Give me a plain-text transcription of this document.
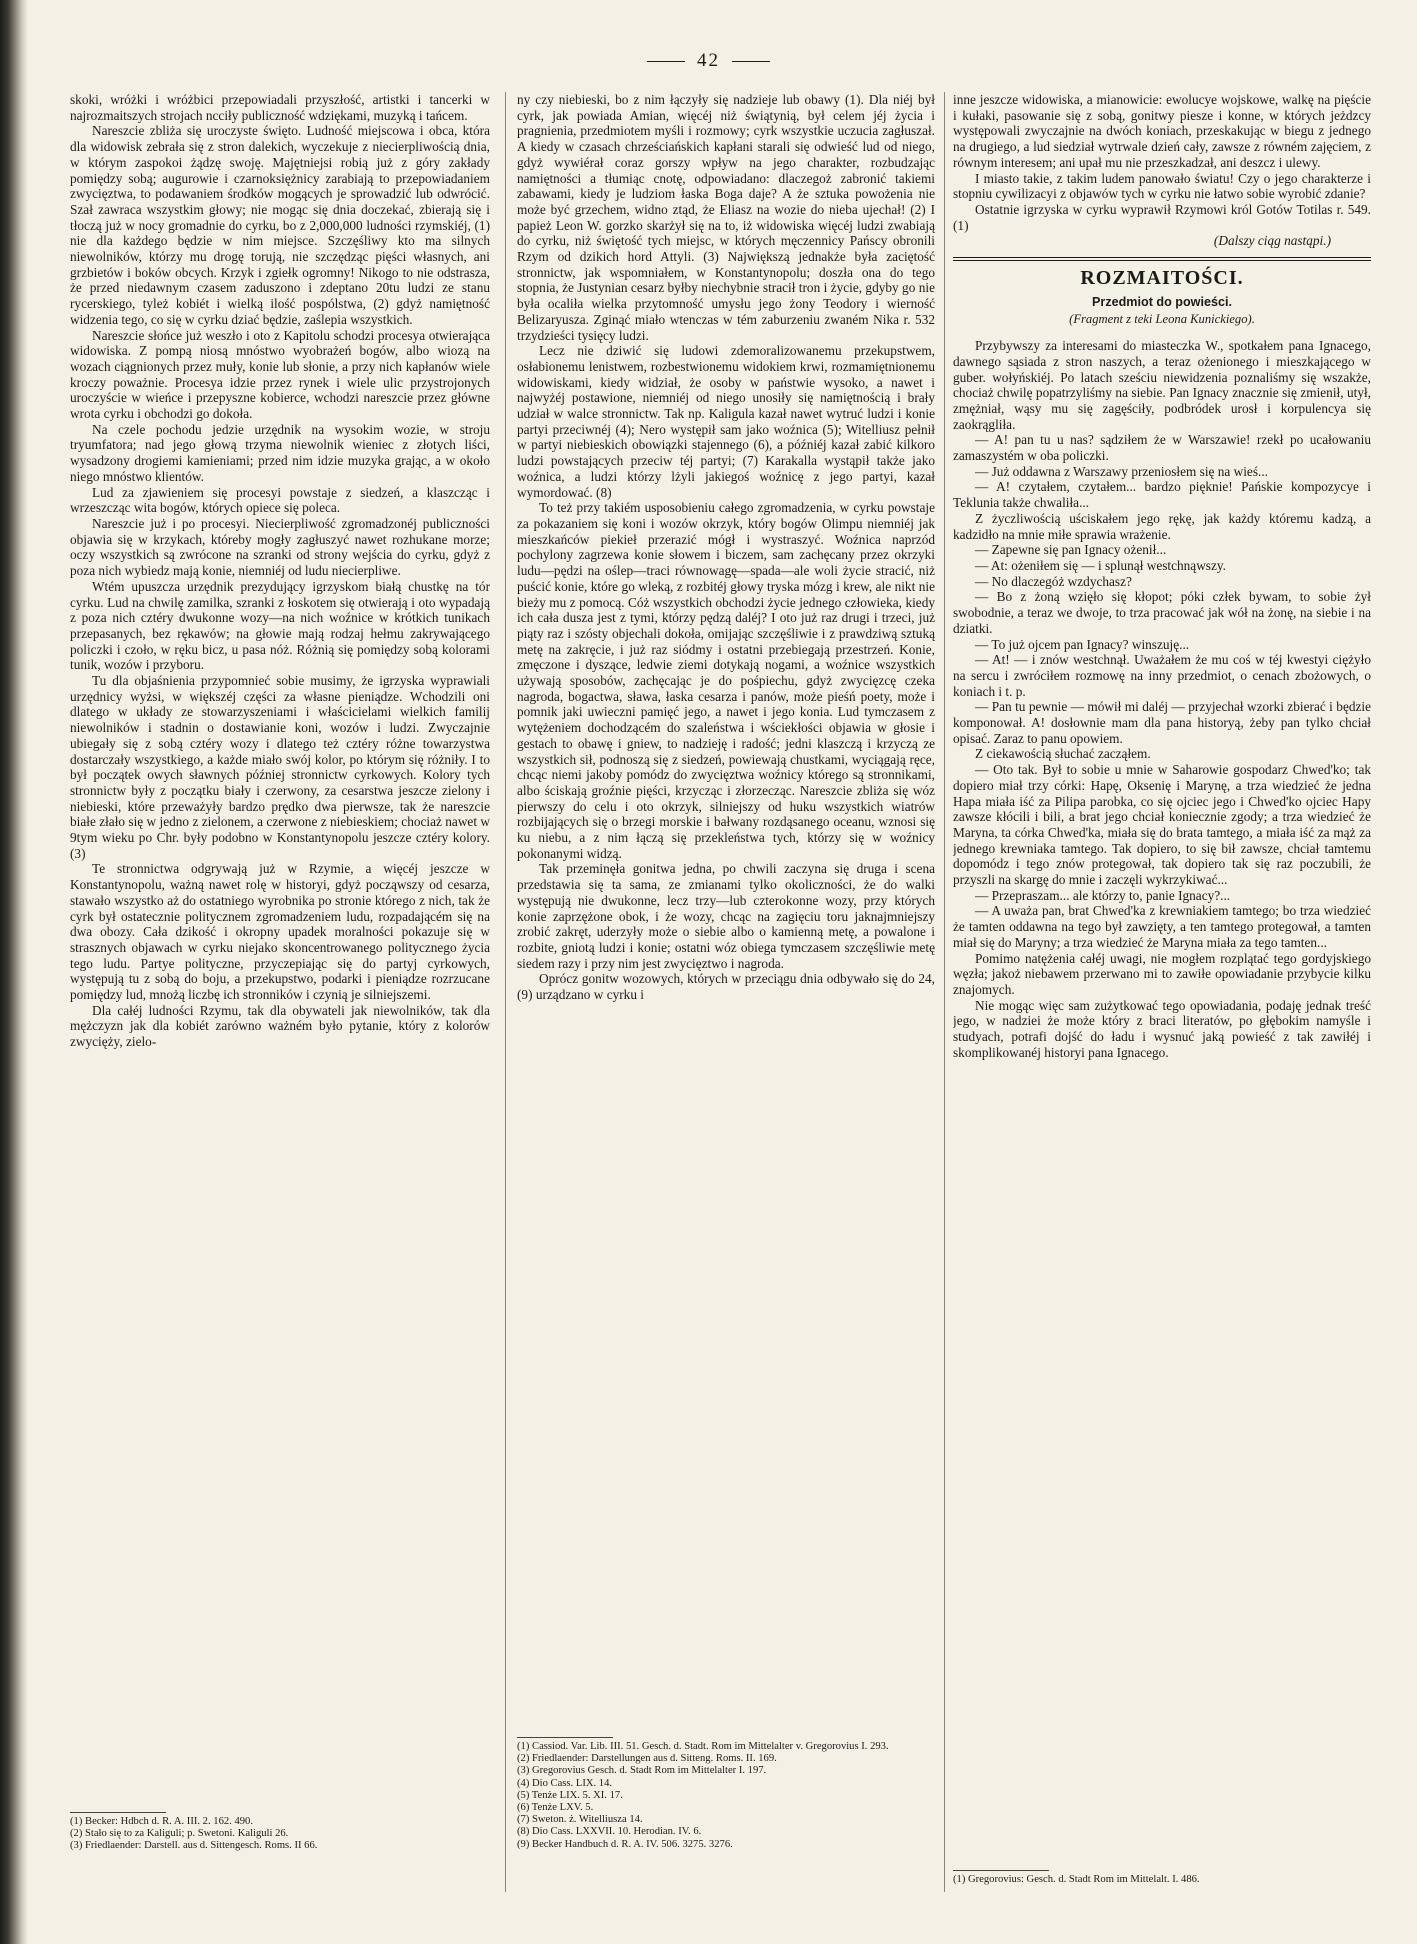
42

skoki, wróżki i wróżbici przepowiadali przyszłość, artistki i tancerki w najrozmaitszych strojach ncciły publiczność wdziękami, muzyką i tańcem.

Nareszcie zbliża się uroczyste święto. Ludność miejscowa i obca, która dla widowisk zebrała się z stron dalekich, wyczekuje z niecierpliwością dnia, w którym zaspokoi żądzę swoję. Majętniejsi robią już z góry zakłady pomiędzy sobą; augurowie i czarnoksiężnicy zarabiają to przepowiadaniem zwycięztwa, to podawaniem środków mogących je sprowadzić lub odwrócić. Szał zawraca wszystkim głowy; nie mogąc się dnia doczekać, zbierają się i tłoczą już w nocy gromadnie do cyrku, bo z 2,000,000 ludności rzymskiéj, (1) nie dla każdego będzie w nim miejsce. Szczęśliwy kto ma silnych niewolników, którzy mu drogę torują, nie szczędząc pięści własnych, ani grzbietów i boków obcych. Krzyk i zgiełk ogromny! Nikogo to nie odstrasza, że przed niedawnym czasem zaduszono i zdeptano 20tu ludzi ze stanu rycerskiego, tyleż kobiét i wielką ilość pospólstwa, (2) gdyż namiętność widzenia tego, co się w cyrku dziać będzie, zaślepia wszystkich.

Nareszcie słońce już weszło i oto z Kapitolu schodzi procesya otwierająca widowiska. Z pompą niosą mnóstwo wyobrażeń bogów, albo wiozą na wozach ciągnionych przez muły, konie lub słonie, a przy nich kapłanów wiele kroczy poważnie. Procesya idzie przez rynek i wiele ulic przystrojonych uroczyście w wieńce i przepyszne kobierce, wchodzi nareszcie przez główne wrota cyrku i obchodzi go dokoła.

Na czele pochodu jedzie urzędnik na wysokim wozie, w stroju tryumfatora; nad jego głową trzyma niewolnik wieniec z złotych liści, wysadzony drogiemi kamieniami; przed nim idzie muzyka grając, a w około niego mnóstwo klientów.

Lud za zjawieniem się procesyi powstaje z siedzeń, a klaszcząc i wrzeszcząc wita bogów, których opiece się poleca.

Nareszcie już i po procesyi. Niecierpliwość zgromadzonéj publiczności objawia się w krzykach, któreby mogły zagłuszyć nawet rozhukane morze; oczy wszystkich są zwrócone na szranki od strony wejścia do cyrku, gdyż z poza nich wybiedz mają konie, niemniéj od ludu niecierpliwe.

Wtém upuszcza urzędnik prezydujący igrzyskom białą chustkę na tór cyrku. Lud na chwilę zamilka, szranki z łoskotem się otwierają i oto wypadają z poza nich cztéry dwukonne wozy—na nich woźnice w krótkich tunikach przepasanych, bez rękawów; na głowie mają rodzaj hełmu zakrywającego policzki i czoło, w ręku bicz, u pasa nóż. Różnią się pomiędzy sobą kolorami tunik, wozów i przyboru.

Tu dla objaśnienia przypomnieć sobie musimy, że igrzyska wyprawiali urzędnicy wyżsi, w większéj części za własne pieniądze. Wchodzili oni dlatego w układy ze stowarzyszeniami i właścicielami wielkich familij niewolników i stadnin o dostawianie koni, wozów i ludzi. Zwyczajnie ubiegały się z sobą cztéry wozy i dlatego też cztéry różne towarzystwa dostarczały wszystkiego, a każde miało swój kolor, po którym się różniły. I to był początek owych sławnych później stronnictw cyrkowych. Kolory tych stronnictw były z początku biały i czerwony, za cesarstwa jeszcze zielony i niebieski, które przeważyły bardzo prędko dwa pierwsze, tak że nareszcie białe złało się w jedno z zielonem, a czerwone z niebieskiem; chociaż nawet w 9tym wieku po Chr. były podobno w Konstantynopolu jeszcze cztéry kolory. (3)

Te stronnictwa odgrywają już w Rzymie, a więcéj jeszcze w Konstantynopolu, ważną nawet rolę w historyi, gdyż począwszy od cesarza, stawało wszystko aż do ostatniego wyrobnika po stronie którego z nich, tak że cyrk był ostatecznie politycznem zgromadzeniem ludu, rozpadającém się na dwa obozy. Cała dzikość i okropny upadek moralności pokazuje się w strasznych objawach w cyrku niejako skoncentrowanego politycznego życia tego ludu. Partye polityczne, przyczepiając się do partyj cyrkowych, występują tu z sobą do boju, a przekupstwo, podarki i pieniądze rozrzucane pomiędzy lud, mnożą liczbę ich stronników i czynią je silniejszemi.

Dla całéj ludności Rzymu, tak dla obywateli jak niewolników, tak dla mężczyzn jak dla kobiét zarówno ważném było pytanie, który z kolorów zwycięży, zielo-

(1) Becker: Hdbch d. R. A. III. 2. 162. 490.
(2) Stało się to za Kaliguli; p. Swetoni. Kaliguli 26.
(3) Friedlaender: Darstell. aus d. Sittengesch. Roms. II 66.

ny czy niebieski, bo z nim łączyły się nadzieje lub obawy (1). Dla niéj był cyrk, jak powiada Amian, więcéj niż świątynią, był celem jéj życia i pragnienia, przedmiotem myśli i rozmowy; cyrk wszystkie uczucia zagłuszał. A kiedy w czasach chrześciańskich kapłani starali się odwieść lud od niego, gdyż wywiérał coraz gorszy wpływ na jego charakter, rozbudzając namiętności a tłumiąc cnotę, odpowiadano: dlaczegoż zabronić takiemi zabawami, kiedy je ludziom łaska Boga daje? A że sztuka powożenia nie może być grzechem, widno ztąd, że Eliasz na wozie do nieba ujechał! (2) I papież Leon W. gorzko skarżył się na to, iż widowiska więcéj ludzi zwabiają do cyrku, niż świętość tych miejsc, w których męczennicy Pańscy obronili Rzym od dzikich hord Attyli. (3) Największą jednakże była zaciętość stronnictw, jak wspomniałem, w Konstantynopolu; doszła ona do tego stopnia, że Justynian cesarz byłby niechybnie stracił tron i życie, gdyby go nie była ocaliła wielka przytomność umysłu jego żony Teodory i wierność Belizaryusza. Zginąć miało wtenczas w tém zaburzeniu zwaném Nika r. 532 trzydzieści tysięcy ludzi.

Lecz nie dziwić się ludowi zdemoralizowanemu przekupstwem, osłabionemu lenistwem, rozbestwionemu widokiem krwi, rozmamiętnionemu widowiskami, kiedy widział, że osoby w państwie wysoko, a nawet i najwyżéj postawione, niemniéj od niego unosiły się namiętnością i brały udział w walce stronnictw. Tak np. Kaligula kazał nawet wytruć ludzi i konie partyi przeciwnéj (4); Nero występił sam jako woźnica (5); Witelliusz pełnił w partyi niebieskich obowiązki stajennego (6), a późniéj kazał zabić kilkoro ludzi powstających przeciw téj partyi; (7) Karakalla wystąpił także jako woźnica, a ludzi którzy lżyli jakiegoś woźnicę z jego partyi, kazał wymordować. (8)

To też przy takiém usposobieniu całego zgromadzenia, w cyrku powstaje za pokazaniem się koni i wozów okrzyk, który bogów Olimpu niemniéj jak mieszkańców piekieł przerazić mógł i wystraszyć. Woźnica naprzód pochylony zagrzewa konie słowem i biczem, sam zachęcany przez okrzyki ludu—pędzi na oślep—traci równowagę—spada—ale woli życie stracić, niż puścić konie, które go wleką, z rozbitéj głowy tryska mózg i krew, ale nikt nie bieży mu z pomocą. Cóż wszystkich obchodzi życie jednego człowieka, kiedy ich cała dusza jest z tymi, którzy pędzą daléj? I oto już raz drugi i trzeci, już piąty raz i szósty objechali dokoła, omijając szczęśliwie i z prawdziwą sztuką metę na zakręcie, i już raz siódmy i ostatni przebiegają przestrzeń. Konie, zmęczone i dyszące, ledwie ziemi dotykają nogami, a woźnice wszystkich używają sposobów, zachęcając je do pośpiechu, gdyż zwycięzcę czeka nagroda, bogactwa, sława, łaska cesarza i panów, może pieśń poety, może i pomnik jaki uwieczni pamięć jego, a nawet i jego konia. Lud tymczasem z wytężeniem dochodzącém do szaleństwa i wściekłości objawia w głosie i gestach to obawę i gniew, to nadzieję i radość; jedni klaszczą i krzyczą ze wszystkich sił, podnoszą się z siedzeń, powiewają chustkami, wyciągają ręce, chcąc niemi jakoby pomódz do zwycięztwa woźnicy którego są stronnikami, albo ściskają groźnie pięści, krzycząc i złorzecząc. Nareszcie zbliża się wóz pierwszy do celu i oto okrzyk, silniejszy od huku wszystkich wiatrów rozbijających się o brzegi morskie i bałwany rozdąsanego oceanu, wznosi się ku niebu, a z nim łączą się przekleństwa tych, którzy się w woźnicy pokonanymi widzą.

Tak przeminęła gonitwa jedna, po chwili zaczyna się druga i scena przedstawia się ta sama, ze zmianami tylko okoliczności, że do walki występują nie dwukonne, lecz trzy—lub czterokonne wozy, przy których konie zaprzężone obok, i że wozy, chcąc na zagięciu toru jaknajmniejszy zrobić zakręt, uderzyły może o siebie albo o kamienną metę, a powalone i rozbite, gniotą ludzi i konie; ostatni wóz obiega tymczasem szczęśliwie metę siedem razy i przy nim jest zwycięztwo i nagroda.

Oprócz gonitw wozowych, których w przeciągu dnia odbywało się do 24, (9) urządzano w cyrku i

(1) Cassiod. Var. Lib. III. 51. Gesch. d. Stadt. Rom im Mittelalter v. Gregorovius I. 293.
(2) Friedlaender: Darstellungen aus d. Sitteng. Roms. II. 169.
(3) Gregorovius Gesch. d. Stadt Rom im Mittelalter I. 197.
(4) Dio Cass. LIX. 14.
(5) Tenże LIX. 5. XI. 17.
(6) Tenże LXV. 5.
(7) Sweton. ż. Witelliusza 14.
(8) Dio Cass. LXXVII. 10. Herodian. IV. 6.
(9) Becker Handbuch d. R. A. IV. 506. 3275. 3276.

inne jeszcze widowiska, a mianowicie: ewolucye wojskowe, walkę na pięście i kułaki, pasowanie się z sobą, gonitwy piesze i konne, w których jeżdzcy występowali zwyczajnie na dwóch koniach, przeskakując w biegu z jednego na drugiego, a lud siedział wytrwale dzień cały, zawsze z równém zajęciem, z równym interesem; ani upał mu nie przeszkadzał, ani deszcz i ulewy.

I miasto takie, z takim ludem panowało światu! Czy o jego charakterze i stopniu cywilizacyi z objawów tych w cyrku nie łatwo sobie wyrobić zdanie?

Ostatnie igrzyska w cyrku wyprawił Rzymowi król Gotów Totilas r. 549. (1)

(Dalszy ciąg nastąpi.)

ROZMAITOŚCI.
Przedmiot do powieści.
(Fragment z teki Leona Kunickiego).

Przybywszy za interesami do miasteczka W., spotkałem pana Ignacego, dawnego sąsiada z stron naszych, a teraz ożenionego i mieszkającego w guber. wołyńskiéj. Po latach sześciu niewidzenia poznaliśmy się wszakże, chociaż chwilę popatrzyliśmy na siebie. Pan Ignacy znacznie się zmienił, utył, zmężniał, wąsy mu się zagęściły, podbródek urosł i korpulencya się zaokrągliła.

— A! pan tu u nas? sądziłem że w Warszawie! rzekł po ucałowaniu zamaszystém w oba policzki.

— Już oddawna z Warszawy przeniosłem się na wieś...

— A! czytałem, czytałem... bardzo pięknie! Pańskie kompozycye i Teklunia także chwaliła...

Z życzliwością uściskałem jego rękę, jak każdy któremu kadzą, a kadzidło na mnie miłe sprawia wrażenie.

— Zapewne się pan Ignacy ożenił...

— At: ożeniłem się — i splunął westchnąwszy.

— No dlaczegóż wzdychasz?

— Bo z żoną wzięło się kłopot; póki człek bywam, to sobie żył swobodnie, a teraz we dwoje, to trza pracować jak wół na żonę, na siebie i na dziatki.

— To już ojcem pan Ignacy? winszuję...

— At! — i znów westchnął. Uważałem że mu coś w téj kwestyi ciężyło na sercu i zwróciłem rozmowę na inny przedmiot, o cenach zbożowych, o koniach i t. p.

— Pan tu pewnie — mówił mi daléj — przyjechał wzorki zbierać i będzie komponował. A! dosłownie mam dla pana historyą, żeby pan tylko chciał opisać. Zaraz to panu opowiem.

Z ciekawością słuchać zacząłem.

— Oto tak. Był to sobie u mnie w Saharowie gospodarz Chwed'ko; tak dopiero miał trzy córki: Hapę, Oksenię i Marynę, a trza wiedzieć że jedna Hapa miała iść za Pilipa parobka, co się ojciec jego i Chwed'ko ojciec Hapy zawsze kłócili i bili, a brat jego chciał koniecznie zgody; a trza wiedzieć że Maryna, ta córka Chwed'ka, miała się do brata tamtego, a miała iść za mąż za jednego krewniaka tamtego. Tak dopiero, to się bił zawsze, chciał tamtemu dopomódz i tego znów protegował, tak dopiero tak się raz poczubili, że przyszli na skargę do mnie i zaczęli wykrzykiwać...

— Przepraszam... ale którzy to, panie Ignacy?...

— A uważa pan, brat Chwed'ka z krewniakiem tamtego; bo trza wiedzieć że tamten oddawna na tego był zawzięty, a ten tamtego protegował, a tamten miał się do Maryny; a trza wiedzieć że Maryna miała za tego tamten...

Pomimo natężenia całéj uwagi, nie mogłem rozplątać tego gordyjskiego węzła; jakoż niebawem przerwano mi to zawiłe opowiadanie przybycie kilku znajomych.

Nie mogąc więc sam zużytkować tego opowiadania, podaję jednak treść jego, w nadziei że może który z braci literatów, po głębokim namyśle i studyach, potrafi dojść do ładu i wysnuć jaką powieść z tak zawiłéj i skomplikowanéj historyi pana Ignacego.

(1) Gregorovius: Gesch. d. Stadt Rom im Mittelalt. I. 486.
